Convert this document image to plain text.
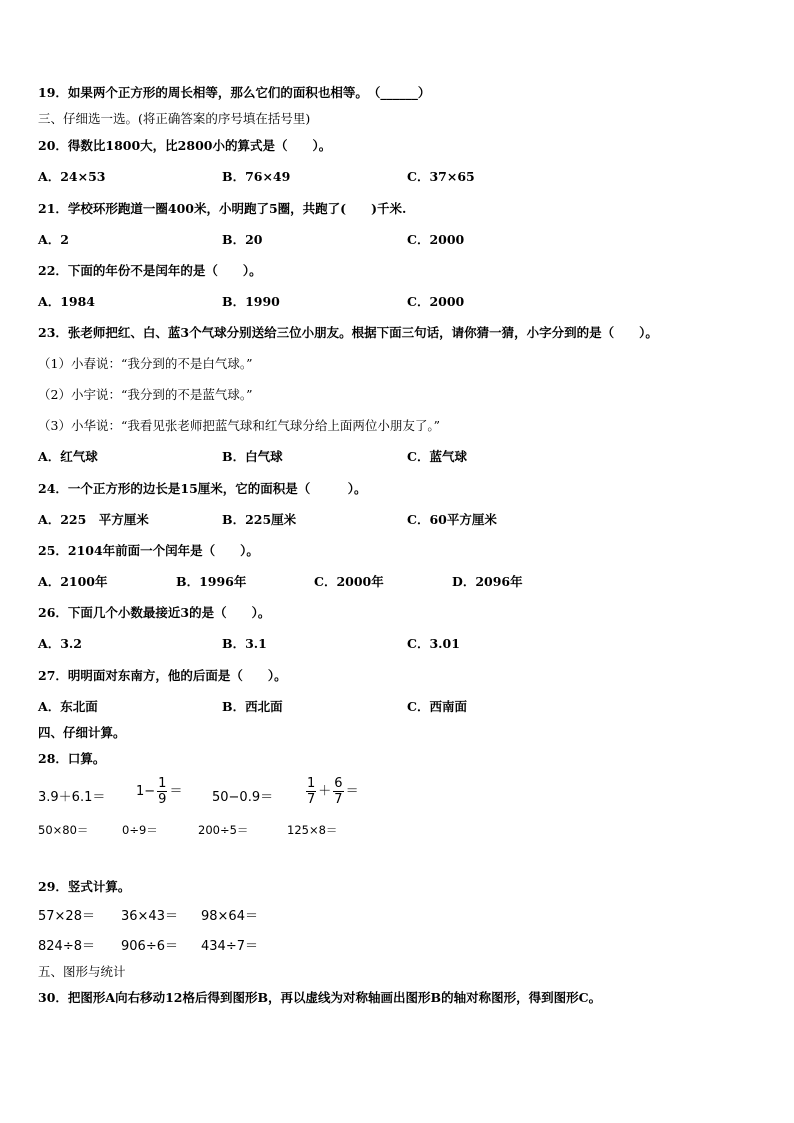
19．如果两个正方形的周长相等，那么它们的面积也相等。　（______）
三、仔细选一选。(将正确答案的序号填在括号里)
20．得数比1800大，比2800小的算式是（　　）。
A．24×53	B．76×49	C．37×65
21．学校环形跑道一圈400米，小明跑了5圈，共跑了(　　)千米.
A．2	B．20	C．2000
22．下面的年份不是闰年的是（　　）。
A．1984	B．1990	C．2000
23．张老师把红、白、蓝3个气球分别送给三位小朋友。根据下面三句话，请你猜一猜，小字分到的是（　　）。
（1）小春说：“我分到的不是白气球。”
（2）小宇说：“我分到的不是蓝气球。”
（3）小华说：“我看见张老师把蓝气球和红气球分给上面两位小朋友了。”
A．红气球	B．白气球	C．蓝气球
24．一个正方形的边长是15厘米，它的面积是（　　　）。
A．225　平方厘米	B．225厘米	C．60平方厘米
25．2104年前面一个闰年是（　　）。
A．2100年	B．1996年	C．2000年	D．2096年
26．下面几个小数最接近3的是（　　）。
A．3.2	B．3.1	C．3.01
27．明明面对东南方，他的后面是（　　）。
A．东北面	B．西北面	C．西南面
四、仔细计算。
28．口算。
$3.9+6.1= 1- \frac{1}{9} = 50-0.9=$	$\frac{1}{7} + \frac{6}{7}$ ＝
50×80＝	0÷9＝	200÷5＝	125×8＝
29．竖式计算。
57×28＝ 36×43＝ 98×64＝
824÷8＝ 906÷6＝ 434÷7＝
五、图形与统计
30．把图形A向右移动12格后得到图形B，再以虚线为对称轴画出图形B的轴对称图形，得到图形C。
